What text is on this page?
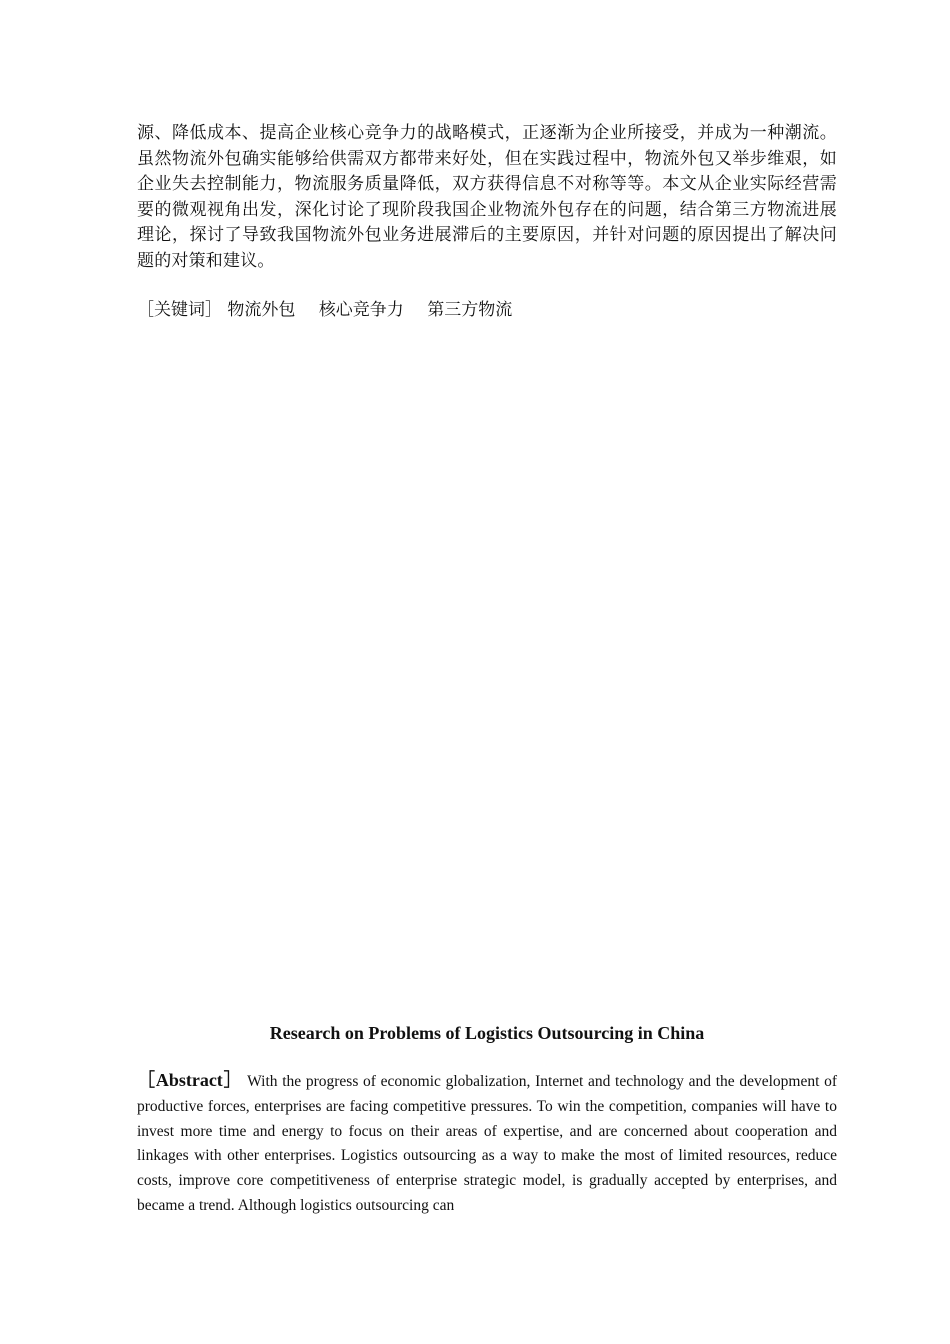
源、降低成本、提高企业核心竞争力的战略模式，正逐渐为企业所接受，并成为一种潮流。虽然物流外包确实能够给供需双方都带来好处，但在实践过程中，物流外包又举步维艰，如企业失去控制能力，物流服务质量降低，双方获得信息不对称等等。本文从企业实际经营需要的微观视角出发，深化讨论了现阶段我国企业物流外包存在的问题，结合第三方物流进展理论，探讨了导致我国物流外包业务进展滞后的主要原因，并针对问题的原因提出了解决问题的对策和建议。

［关键词］ 物流外包 核心竞争力 第三方物流

Research on Problems of Logistics Outsourcing in China

［Abstract］ With the progress of economic globalization, Internet and technology and the development of productive forces, enterprises are facing competitive pressures. To win the competition, companies will have to invest more time and energy to focus on their areas of expertise, and are concerned about cooperation and linkages with other enterprises. Logistics outsourcing as a way to make the most of limited resources, reduce costs, improve core competitiveness of enterprise strategic model, is gradually accepted by enterprises, and became a trend. Although logistics outsourcing can
